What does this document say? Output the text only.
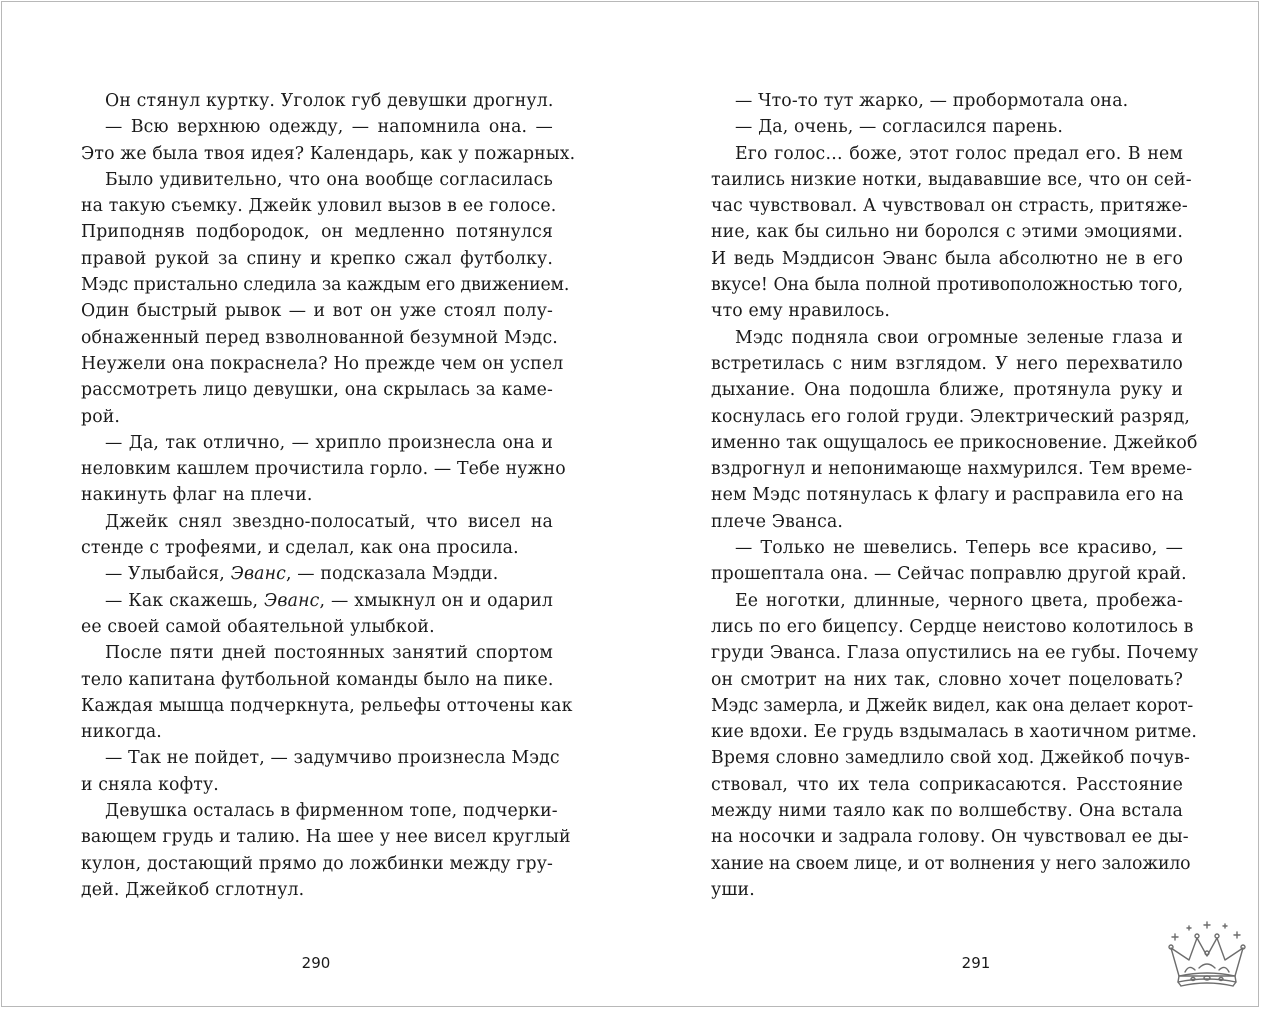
Он стянул куртку. Уголок губ девушки дрогнул.
— Всю верхнюю одежду, — напомнила она. —
Это же была твоя идея? Календарь, как у пожарных.
Было удивительно, что она вообще согласилась
на такую съемку. Джейк уловил вызов в ее голосе.
Приподняв подбородок, он медленно потянулся
правой рукой за спину и крепко сжал футболку.
Мэдс пристально следила за каждым его движением.
Один быстрый рывок — и вот он уже стоял полу-
обнаженный перед взволнованной безумной Мэдс.
Неужели она покраснела? Но прежде чем он успел
рассмотреть лицо девушки, она скрылась за каме-
рой.
— Да, так отлично, — хрипло произнесла она и
неловким кашлем прочистила горло. — Тебе нужно
накинуть флаг на плечи.
Джейк снял звездно-полосатый, что висел на
стенде с трофеями, и сделал, как она просила.
— Улыбайся, Эванс, — подсказала Мэдди.
— Как скажешь, Эванс, — хмыкнул он и одарил
ее своей самой обаятельной улыбкой.
После пяти дней постоянных занятий спортом
тело капитана футбольной команды было на пике.
Каждая мышца подчеркнута, рельефы отточены как
никогда.
— Так не пойдет, — задумчиво произнесла Мэдс
и сняла кофту.
Девушка осталась в фирменном топе, подчерки-
вающем грудь и талию. На шее у нее висел круглый
кулон, достающий прямо до ложбинки между гру-
дей. Джейкоб сглотнул.
290
— Что-то тут жарко, — пробормотала она.
— Да, очень, — согласился парень.
Его голос… боже, этот голос предал его. В нем
таились низкие нотки, выдававшие все, что он сей-
час чувствовал. А чувствовал он страсть, притяже-
ние, как бы сильно ни боролся с этими эмоциями.
И ведь Мэддисон Эванс была абсолютно не в его
вкусе! Она была полной противоположностью того,
что ему нравилось.
Мэдс подняла свои огромные зеленые глаза и
встретилась с ним взглядом. У него перехватило
дыхание. Она подошла ближе, протянула руку и
коснулась его голой груди. Электрический разряд,
именно так ощущалось ее прикосновение. Джейкоб
вздрогнул и непонимающе нахмурился. Тем време-
нем Мэдс потянулась к флагу и расправила его на
плече Эванса.
— Только не шевелись. Теперь все красиво, —
прошептала она. — Сейчас поправлю другой край.
Ее ноготки, длинные, черного цвета, пробежа-
лись по его бицепсу. Сердце неистово колотилось в
груди Эванса. Глаза опустились на ее губы. Почему
он смотрит на них так, словно хочет поцеловать?
Мэдс замерла, и Джейк видел, как она делает корот-
кие вдохи. Ее грудь вздымалась в хаотичном ритме.
Время словно замедлило свой ход. Джейкоб почув-
ствовал, что их тела соприкасаются. Расстояние
между ними таяло как по волшебству. Она встала
на носочки и задрала голову. Он чувствовал ее ды-
хание на своем лице, и от волнения у него заложило
уши.
291
